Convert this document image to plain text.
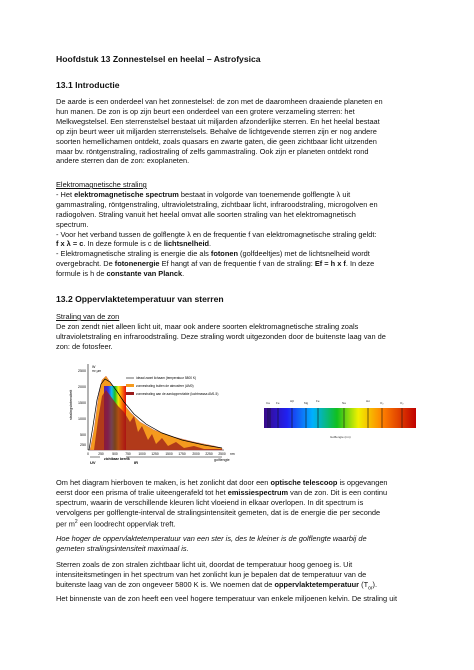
Hoofdstuk 13 Zonnestelsel en heelal – Astrofysica
13.1 Introductie
De aarde is een onderdeel van het zonnestelsel: de zon met de daaromheen draaiende planeten en
hun manen. De zon is op zijn beurt een onderdeel van een grotere verzameling sterren: het
Melkwegstelsel. Een sterrenstelsel bestaat uit miljarden afzonderlijke sterren. En het heelal bestaat
op zijn beurt weer uit miljarden sterrenstelsels. Behalve de lichtgevende sterren zijn er nog andere
soorten hemellichamen ontdekt, zoals quasars en zwarte gaten, die geen zichtbaar licht uitzenden
maar bv. röntgenstraling, radiostraling of zelfs gammastraling. Ook zijn er planeten ontdekt rond
andere sterren dan de zon: exoplaneten.
Elektromagnetische straling
- Het elektromagnetische spectrum bestaat in volgorde van toenemende golflengte λ uit
gammastraling, röntgenstraling, ultravioletstraling, zichtbaar licht, infraroodstraling, microgolven en
radiogolven. Straling vanuit het heelal omvat alle soorten straling van het elektromagnetisch
spectrum.
- Voor het verband tussen de golflengte λ en de frequentie f van elektromagnetische straling geldt:
f x λ = c. In deze formule is c de lichtsnelheid.
- Elektromagnetische straling is energie die als fotonen (golfdeeltjes) met de lichtsnelheid wordt
overgebracht. De fotonenergie Ef hangt af van de frequentie f van de straling: Ef = h x f. In deze
formule is h de constante van Planck.
13.2 Oppervlaktetemperatuur van sterren
Straling van de zon
De zon zendt niet alleen licht uit, maar ook andere soorten elektromagnetische straling zoals
ultravioletstraling en infraroodstraling. Deze straling wordt uitgezonden door de buitenste laag van de
zon: de fotosfeer.
2500
2000
1500
1000
500
250
stralingsintensiteit
W
m² μm
ideaal zwart lichaam (temperatuur 5800 K)
zonnestraling buiten de atmosfeer (AM0)
zonnestraling aan de aardoppervlakte (luchtmassa AM1.5)
0	250	500 750 1000 1250 1500 1750 2000 2250 2500 nm
golflengte
UV
zichtbaar bereik
IR
Ca Fe	Hβ	Mg	Fe	Na	Hα	O₂	O₂
Golflengte (nm)
Om het diagram hierboven te maken, is het zonlicht dat door een optische telescoop is opgevangen
eerst door een prisma of tralie uiteengerafeld tot het emissiespectrum van de zon. Dit is een continu
spectrum, waarin de verschillende kleuren licht vloeiend in elkaar overlopen. In dit spectrum is
vervolgens per golflengte-interval de stralingsintensiteit gemeten, dat is de energie die per seconde
per $m^2$ een loodrecht oppervlak treft.
Hoe hoger de oppervlaktetemperatuur van een ster is, des te kleiner is de golflengte waarbij de
gemeten stralingsintensiteit maximaal is.
Sterren zoals de zon stralen zichtbaar licht uit, doordat de temperatuur hoog genoeg is. Uit
intensiteitsmetingen in het spectrum van het zonlicht kun je bepalen dat de temperatuur van de
buitenste laag van de zon ongeveer 5800 K is. We noemen dat de oppervlaktetemperatuur $(T_{or})$.
Het binnenste van de zon heeft een veel hogere temperatuur van enkele miljoenen kelvin. De straling uit
